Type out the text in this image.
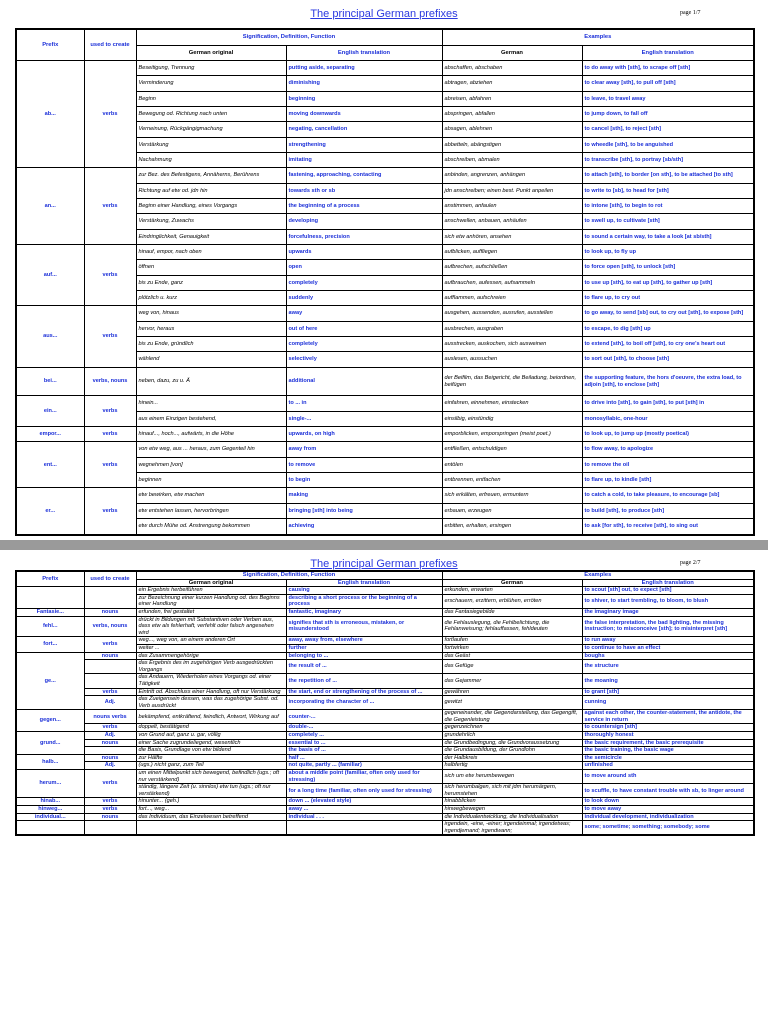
The principal German prefixes	page 1/7
Prefix	used to create	Signification, Definition, Function		Examples	
		German original	English translation	German	English translation
ab...	verbs	Beseitigung, Trennung	putting aside, separating	abschaffen, abschaben	to do away with [sth], to scrape off [sth]
		Verminderung	diminishing	abtragen, abziehen	to clear away [sth], to pull off [sth]
		Beginn	beginning	abreisen, abfahren	to leave, to travel away
		Bewegung od. Richtung nach unten	moving downwards	abspringen, abfallen	to jump down, to fall off
		Verneinung, Rückgängigmachung	negating, cancellation	absagen, ablehnen	to cancel [sth], to reject [sth]
		Verstärkung	strengthening	abbetteln, abängstigen	to wheedle [sth], to be anguished
		Nachahmung	imitating	abschreiben, abmalen	to transcribe [sth], to portray [sb/sth]
an...	verbs	zur Bez. des Befestigens, Annäherns, Berührens	fastening, approaching, contacting	anbinden, angrenzen, anhängen	to attach [sth], to border [on sth], to be attached [to sth]
		Richtung auf etw od. jdn hin	towards sth or sb	jdn anschreiben; einen best. Punkt anpeilen	to write to [sb], to head for [sth]
		Beginn einer Handlung, eines Vorgangs	the beginning of a process	anstimmen, anfaulen	to intone [sth], to begin to rot
		Verstärkung, Zuwachs	developing	anschwellen, anbauen, anhäufen	to swell up, to cultivate [sth]
		Eindringlichkeit, Genauigkeit	forcefulness, precision	sich etw anhören, ansehen	to sound a certain way, to take a look [at sb/sth]
auf...	verbs	hinauf, empor, nach oben	upwards	aufblicken, auffliegen	to look up, to fly up
		öffnen	open	aufbrechen, aufschließen	to force open [sth], to unlock [sth]
		bis zu Ende, ganz	completely	aufbrauchen, aufessen, aufsammeln	to use up [sth], to eat up [sth], to gather up [sth]
		plötzlich u. kurz	suddenly	aufflammen, aufschreien	to flare up, to cry out
aus...	verbs	weg von, hinaus	away	ausgehen, aussenden, ausrufen, ausstellen	to go away, to send [sb] out, to cry out [sth], to expose [sth]
		hervor, heraus	out of here	ausbrechen, ausgraben	to escape, to dig [sth] up
		bis zu Ende, gründlich	completely	ausstrecken, auskochen, sich ausweinen	to extend [sth], to boil off [sth], to cry one's heart out
		wählend	selectively	auslesen, aussuchen	to sort out [sth], to choose [sth]
bei...	verbs, nouns	neben, dazu, zu u. Ä	additional	der Beifilm, das Beigericht, die Beiladung, beiordnen, beifügen	the supporting feature, the hors d'oeuvre, the extra load, to adjoin [sth], to enclose [sth]
ein...	verbs	hinein...	to ... in	einfahren, einnehmen, einstecken	to drive into [sth], to gain [sth], to put [sth] in
		aus einem Einzigen bestehend,	single-...	einsilbig, einstündig	monosyllabic, one-hour
empor...	verbs	hinauf..., hoch..., aufwärts, in die Höhe	upwards, on high	emporblicken, emporspringen (meist poet.)	to look up, to jump up (mostly poetical)
ent...	verbs	von etw weg, aus ... heraus, zum Gegenteil hin	away from	entfließen, entschuldigen	to flow away, to apologize
		wegnehmen [von]	to remove	entölen	to remove the oil
		beginnen	to begin	entbrennen, entfachen	to flare up, to kindle [sth]
er...	verbs	etw bewirken, etw machen	making	sich erkälten, erfreuen, ermuntern	to catch a cold, to take pleasure, to encourage [sb]
		etw entstehen lassen, hervorbringen	bringing [sth] into being	erbauen, erzeugen	to build [sth], to produce [sth]
		etw durch Mühe od. Anstrengung bekommen	achieving	erbitten, erhalten, ersingen	to ask [for sth], to receive [sth], to sing out
The principal German prefixes	page 2/7
Prefix	used to create	Signification, Definition, Function		Examples	
		German original	English translation	German	English translation
		ein Ergebnis herbeiführen	causing	erkunden, erwarten	to scout [sth] out, to expect [sth]
		zur Bezeichnung einer kurzen Handlung od. des Beginns einer Handlung	describing a short process or the beginning of a process	erschauern, erzittern, erblühen, erröten	to shiver, to start trembling, to bloom, to blush
Fantasie...	nouns	erfunden, frei gestaltet	fantastic, imaginary	das Fantasiegebilde	the imaginary image
fehl...	verbs, nouns	drückt in Bildungen mit Substantiven oder Verben aus, dass etw als fehlerhaft, verfehlt oder falsch angesehen wird	signifies that sth is erroneous, mistaken, or misunderstood	die Fehlauslegung, die Fehlbelichtung, die Fehlanweisung; fehlauffassen, fehldeuten	the false interpretation, the bad lighting, the missing instruction; to misconceive [sth]; to misinterpret [sth]
fort...	verbs	weg..., weg von, an einem anderen Ort	away, away from, elsewhere	fortlaufen	to run away
		weiter ...	further	fortwirken	to continue to have an effect
ge...	nouns	das Zusammengehörige	belonging to ...	das Geäst	boughs
		das Ergebnis des im zugehörigen Verb ausgedrückten Vorgangs	the result of ...	das Gefüge	the structure
		das Andauern, Wiederholen eines Vorgangs od. einer Tätigkeit	the repetition of ...	das Gejammer	the moaning
	verbs	Eintritt od. Abschluss einer Handlung, oft nur Verstärkung	the start, end or strengthening of the process of ...	gewähren	to grant [sth]
	Adj.	das Zueigensein dessen, was das zugehörige Subst. od. Verb ausdrückt	incorporating the character of ...	gewitzt	cunning
gegen...	nouns verbs	bekämpfend, entkräftend, feindlich, Antwort, Wirkung auf	counter-...	gegeneinander, die Gegendarstellung, das Gegengift, die Gegenleistung	against each other, the counter-statement, the antidote, the service in return
	verbs	doppelt, bestätigend	double-...	gegenzeichnen	to countersign [sth]
grund...	Adj.	von Grund auf, ganz u. gar, völlig	completely ...	grundehrlich	thoroughly honest
	nouns	einer Sache zugrundeliegend, wesentlich	essential to ...	die Grundbedingung, die Grundvoraussetzung	the basic requirement, the basic prerequisite
		die Basis, Grundlage von etw bildend	the basis of ...	die Grundausbildung, der Grundlohn	the basic training, the basic wage
halb...	nouns	zur Hälfte	half ...	der Halbkreis	the semicircle
	Adj.	(ugs.) nicht ganz, zum Teil	not quite, partly ... (familiar)	halbfertig	unfinished
herum...	verbs	um einen Mittelpunkt sich bewegend, befindlich (ugs.; oft nur verstärkend)	about a middle point (familiar, often only used for stressing)	sich um etw herumbewegen	to move around sth
		ständig, längere Zeit (u. sinnlos) etw tun (ugs.; oft nur verstärkend)	for a long time (familiar, often only used for stressing)	sich herumbalgen, sich mit jdm herumärgern, herumstehen	to scuffle, to have constant trouble with sb, to linger around
hinab...	verbs	hinunter... (geh.)	down ... (elevated style)	hinabblicken	to look down
hinweg...	verbs	fort..., weg...	away ...	hinwegbewegen	to move away
individual...	nouns	das Individuum, das Einzelwesen betreffend	individual . . .	die Individualentwicklung, die Individualisation	individual development, individualization
				irgendein, -eine, -einer; irgendeinmal; irgendetwas; irgendjemand; irgendwann;	some; sometime; something; somebody; some
